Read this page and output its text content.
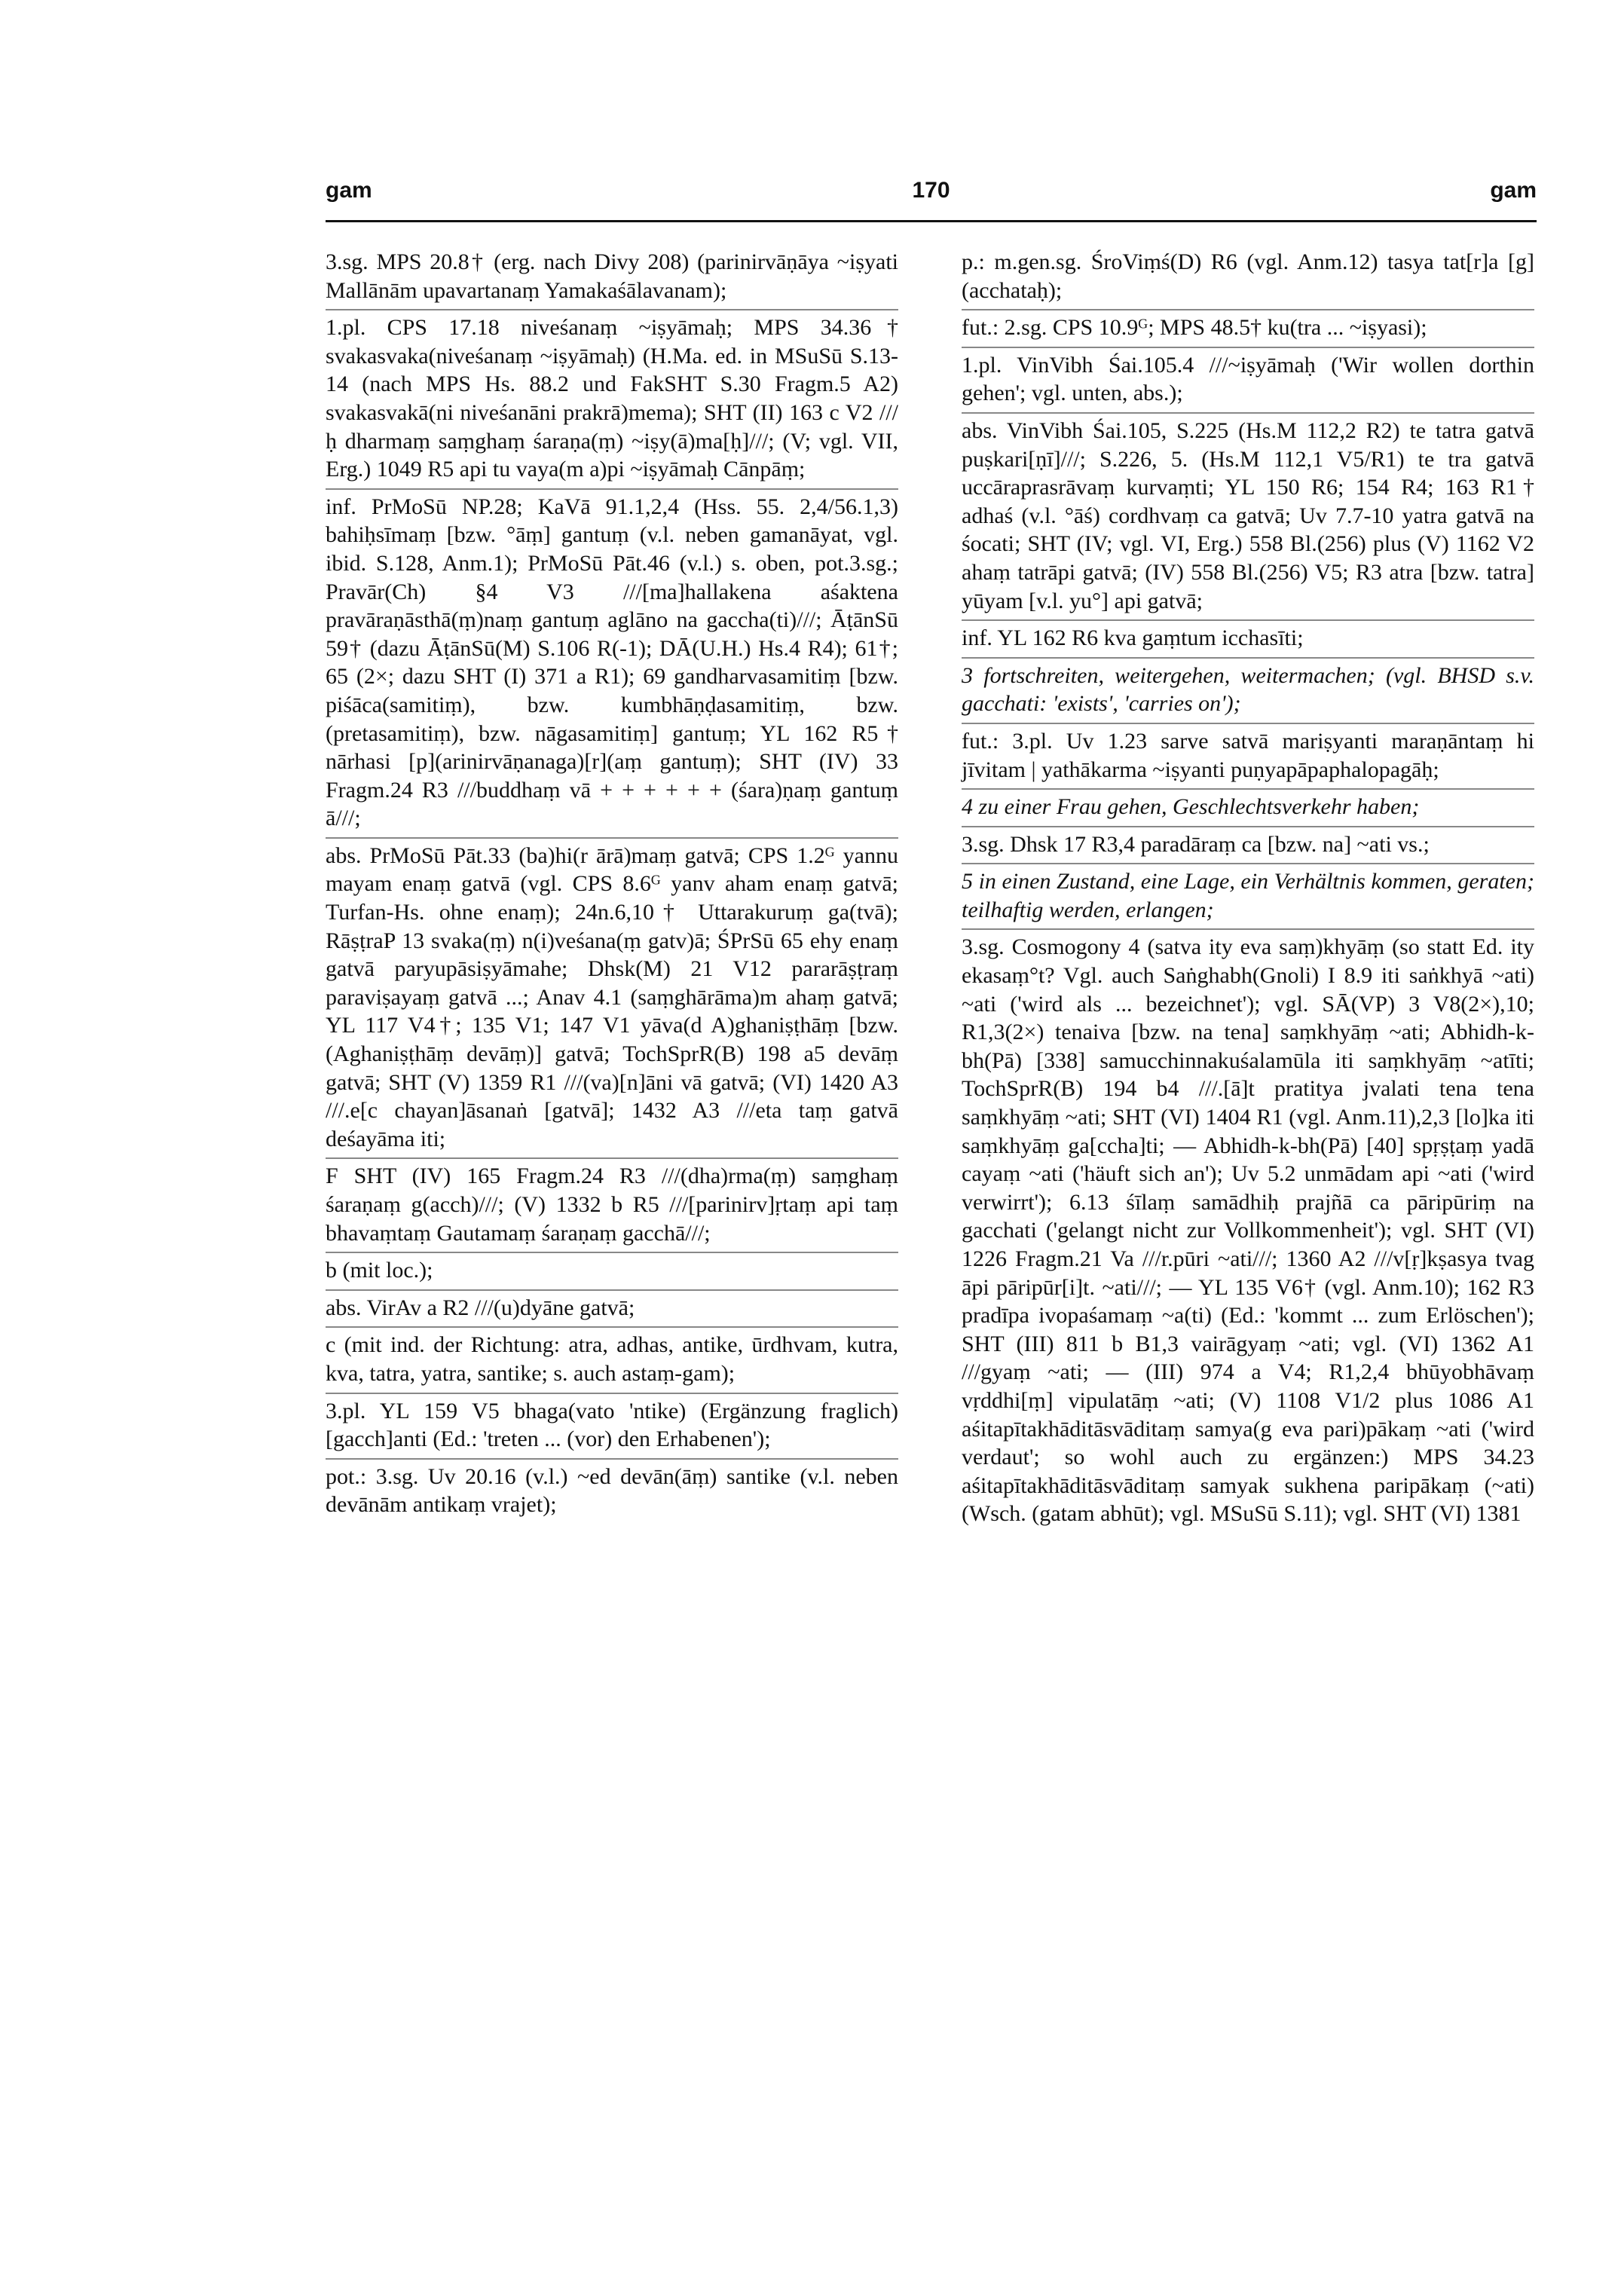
gam	170	gam

3.sg. MPS 20.8† (erg. nach Divy 208) (parinirvāṇāya ~iṣyati Mallānām upavartanaṃ Yamakaśālavanam);

1.pl. CPS 17.18 niveśanaṃ ~iṣyāmaḥ; MPS 34.36† svakasvaka(niveśanaṃ ~iṣyāmaḥ) (H.Ma. ed. in MSuSū S.13-14 (nach MPS Hs. 88.2 und FakSHT S.30 Fragm.5 A2) svakasvakā(ni niveśanāni prakrā)mema); SHT (II) 163 c V2 ///ḥ dharmaṃ saṃghaṃ śaraṇa(ṃ) ~iṣy(ā)ma[ḥ]///; (V; vgl. VII, Erg.) 1049 R5 api tu vaya(m a)pi ~iṣyāmaḥ Cānpāṃ;

inf. PrMoSū NP.28; KaVā 91.1,2,4 (Hss. 55. 2,4/56.1,3) bahiḥsīmaṃ [bzw. °āṃ] gantuṃ (v.l. neben gamanāyat, vgl. ibid. S.128, Anm.1); PrMoSū Pāt.46 (v.l.) s. oben, pot.3.sg.; Pravār(Ch) §4 V3 ///[ma]hallakena aśaktena pravāraṇāsthā(ṃ)naṃ gantuṃ aglāno na gaccha(ti)///; ĀṭānSū 59† (dazu ĀṭānSū(M) S.106 R(-1); DĀ(U.H.) Hs.4 R4); 61†; 65 (2×; dazu SHT (I) 371 a R1); 69 gandharvasamitiṃ [bzw. piśāca(samitiṃ), bzw. kumbhāṇḍasamitiṃ, bzw. (pretasamitiṃ), bzw. nāgasamitiṃ] gantuṃ; YL 162 R5† nārhasi [p](arinirvāṇanaga)[r](aṃ gantuṃ); SHT (IV) 33 Fragm.24 R3 ///buddhaṃ vā + + + + + + (śara)ṇaṃ gantuṃ ā///;

abs. PrMoSū Pāt.33 (ba)hi(r ārā)maṃ gatvā; CPS 1.2ᴳ yannu mayam enaṃ gatvā (vgl. CPS 8.6ᴳ yanv aham enaṃ gatvā; Turfan-Hs. ohne enaṃ); 24n.6,10† Uttarakuruṃ ga(tvā); RāṣṭraP 13 svaka(ṃ) n(i)veśana(ṃ gatv)ā; ŚPrSū 65 ehy enaṃ gatvā paryupāsiṣyāmahe; Dhsk(M) 21 V12 pararāṣṭraṃ paraviṣayaṃ gatvā ...; Anav 4.1 (saṃghārāma)m ahaṃ gatvā; YL 117 V4†; 135 V1; 147 V1 yāva(d A)ghaniṣṭhāṃ [bzw. (Aghaniṣṭhāṃ devāṃ)] gatvā; TochSprR(B) 198 a5 devāṃ gatvā; SHT (V) 1359 R1 ///(va)[n]āni vā gatvā; (VI) 1420 A3 ///.e[c chayan]āsanaṅ [gatvā]; 1432 A3 ///eta taṃ gatvā deśayāma iti;

F SHT (IV) 165 Fragm.24 R3 ///(dha)rma(ṃ) saṃghaṃ śaraṇaṃ g(acch)///; (V) 1332 b R5 ///[parinirv]ṛtaṃ api taṃ bhavaṃtaṃ Gautamaṃ śaraṇaṃ gacchā///;

b (mit loc.);

abs. VirAv a R2 ///(u)dyāne gatvā;

c (mit ind. der Richtung: atra, adhas, antike, ūrdhvam, kutra, kva, tatra, yatra, santike; s. auch astaṃ-gam);

3.pl. YL 159 V5 bhaga(vato 'ntike) (Ergänzung fraglich) [gacch]anti (Ed.: 'treten ... (vor) den Erhabenen');

pot.: 3.sg. Uv 20.16 (v.l.) ~ed devān(āṃ) santike (v.l. neben devānām antikaṃ vrajet);

p.: m.gen.sg. ŚroViṃś(D) R6 (vgl. Anm.12) tasya tat[r]a [g](acchataḥ);

fut.: 2.sg. CPS 10.9ᴳ; MPS 48.5† ku(tra ... ~iṣyasi);

1.pl. VinVibh Śai.105.4 ///~iṣyāmaḥ ('Wir wollen dorthin gehen'; vgl. unten, abs.);

abs. VinVibh Śai.105, S.225 (Hs.M 112,2 R2) te tatra gatvā puṣkari[ṇī]///; S.226, 5. (Hs.M 112,1 V5/R1) te tra gatvā uccāraprasrāvaṃ kurvaṃti; YL 150 R6; 154 R4; 163 R1† adhaś (v.l. °āś) cordhvaṃ ca gatvā; Uv 7.7-10 yatra gatvā na śocati; SHT (IV; vgl. VI, Erg.) 558 Bl.(256) plus (V) 1162 V2 ahaṃ tatrāpi gatvā; (IV) 558 Bl.(256) V5; R3 atra [bzw. tatra] yūyam [v.l. yu°] api gatvā;

inf. YL 162 R6 kva gaṃtum icchasīti;

3 fortschreiten, weitergehen, weitermachen; (vgl. BHSD s.v. gacchati: 'exists', 'carries on');

fut.: 3.pl. Uv 1.23 sarve satvā mariṣyanti maraṇāntaṃ hi jīvitam | yathākarma ~iṣyanti puṇyapāpaphalopagāḥ;

4 zu einer Frau gehen, Geschlechtsverkehr haben;

3.sg. Dhsk 17 R3,4 paradāraṃ ca [bzw. na] ~ati vs.;

5 in einen Zustand, eine Lage, ein Verhältnis kommen, geraten; teilhaftig werden, erlangen;

3.sg. Cosmogony 4 (satva ity eva saṃ)khyāṃ (so statt Ed. ity ekasaṃ°t? Vgl. auch Saṅghabh(Gnoli) I 8.9 iti saṅkhyā ~ati) ~ati ('wird als ... bezeichnet'); vgl. SĀ(VP) 3 V8(2×),10; R1,3(2×) tenaiva [bzw. na tena] saṃkhyāṃ ~ati; Abhidh-k-bh(Pā) [338] samucchinnakuśalamūla iti saṃkhyāṃ ~atīti; TochSprR(B) 194 b4 ///.[ā]t pratitya jvalati tena tena saṃkhyāṃ ~ati; SHT (VI) 1404 R1 (vgl. Anm.11),2,3 [lo]ka iti saṃkhyāṃ ga[ccha]ti; — Abhidh-k-bh(Pā) [40] spṛṣṭaṃ yadā cayaṃ ~ati ('häuft sich an'); Uv 5.2 unmādam api ~ati ('wird verwirrt'); 6.13 śīlaṃ samādhiḥ prajñā ca pāripūriṃ na gacchati ('gelangt nicht zur Vollkommenheit'); vgl. SHT (VI) 1226 Fragm.21 Va ///r.pūri ~ati///; 1360 A2 ///v[ṛ]kṣasya tvag āpi pāripūr[i]t. ~ati///; — YL 135 V6† (vgl. Anm.10); 162 R3 pradīpa ivopaśamaṃ ~a(ti) (Ed.: 'kommt ... zum Erlöschen'); SHT (III) 811 b B1,3 vairāgyaṃ ~ati; vgl. (VI) 1362 A1 ///gyaṃ ~ati; — (III) 974 a V4; R1,2,4 bhūyobhāvaṃ vṛddhi[ṃ] vipulatāṃ ~ati; (V) 1108 V1/2 plus 1086 A1 aśitapītakhāditāsvāditaṃ samya(g eva pari)pākaṃ ~ati ('wird verdaut'; so wohl auch zu ergänzen:) MPS 34.23 aśitapītakhāditāsvāditaṃ samyak sukhena paripākaṃ (~ati) (Wsch. (gatam abhūt); vgl. MSuSū S.11); vgl. SHT (VI) 1381
